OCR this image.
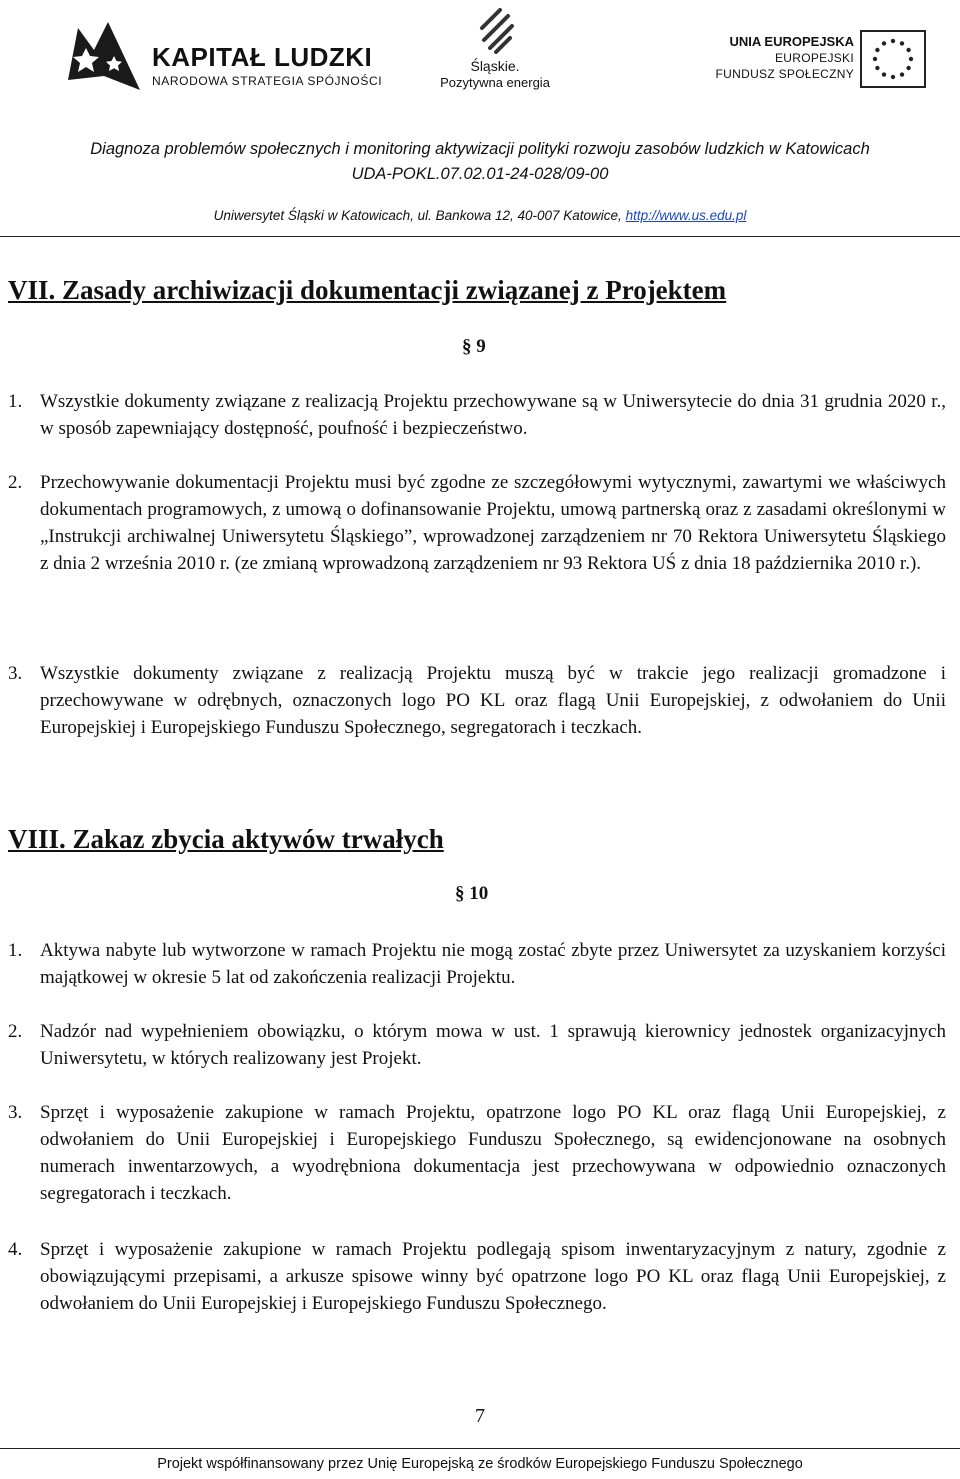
KAPITAŁ LUDZKI
NARODOWA STRATEGIA SPÓJNOŚCI
Śląskie.
Pozytywna energia
UNIA EUROPEJSKA
EUROPEJSKI
FUNDUSZ SPOŁECZNY
Diagnoza problemów społecznych i monitoring aktywizacji polityki rozwoju zasobów ludzkich w Katowicach
UDA-POKL.07.02.01-24-028/09-00
Uniwersytet Śląski w Katowicach, ul. Bankowa 12, 40-007 Katowice, http://www.us.edu.pl
VII. Zasady archiwizacji dokumentacji związanej z Projektem
§ 9
1. Wszystkie dokumenty związane z realizacją Projektu przechowywane są w Uniwersytecie do dnia 31 grudnia 2020 r., w sposób zapewniający dostępność, poufność i bezpieczeństwo.
2. Przechowywanie dokumentacji Projektu musi być zgodne ze szczegółowymi wytycznymi, zawartymi we właściwych dokumentach programowych, z umową o dofinansowanie Projektu, umową partnerską oraz z zasadami określonymi w „Instrukcji archiwalnej Uniwersytetu Śląskiego”, wprowadzonej zarządzeniem nr 70 Rektora Uniwersytetu Śląskiego z dnia 2 września 2010 r. (ze zmianą wprowadzoną zarządzeniem nr 93 Rektora UŚ z dnia 18 października 2010 r.).
3. Wszystkie dokumenty związane z realizacją Projektu muszą być w trakcie jego realizacji gromadzone i przechowywane w odrębnych, oznaczonych logo PO KL oraz flagą Unii Europejskiej, z odwołaniem do Unii Europejskiej i Europejskiego Funduszu Społecznego, segregatorach i teczkach.
VIII. Zakaz zbycia aktywów trwałych
§ 10
1. Aktywa nabyte lub wytworzone w ramach Projektu nie mogą zostać zbyte przez Uniwersytet za uzyskaniem korzyści majątkowej w okresie 5 lat od zakończenia realizacji Projektu.
2. Nadzór nad wypełnieniem obowiązku, o którym mowa w ust. 1 sprawują kierownicy jednostek organizacyjnych Uniwersytetu, w których realizowany jest Projekt.
3. Sprzęt i wyposażenie zakupione w ramach Projektu, opatrzone logo PO KL oraz flagą Unii Europejskiej, z odwołaniem do Unii Europejskiej i Europejskiego Funduszu Społecznego, są ewidencjonowane na osobnych numerach inwentarzowych, a wyodrębniona dokumentacja jest przechowywana w odpowiednio oznaczonych segregatorach i teczkach.
4. Sprzęt i wyposażenie zakupione w ramach Projektu podlegają spisom inwentaryzacyjnym z natury, zgodnie z obowiązującymi przepisami, a arkusze spisowe winny być opatrzone logo PO KL oraz flagą Unii Europejskiej, z odwołaniem do Unii Europejskiej i Europejskiego Funduszu Społecznego.
7
Projekt współfinansowany przez Unię Europejską ze środków Europejskiego Funduszu Społecznego
